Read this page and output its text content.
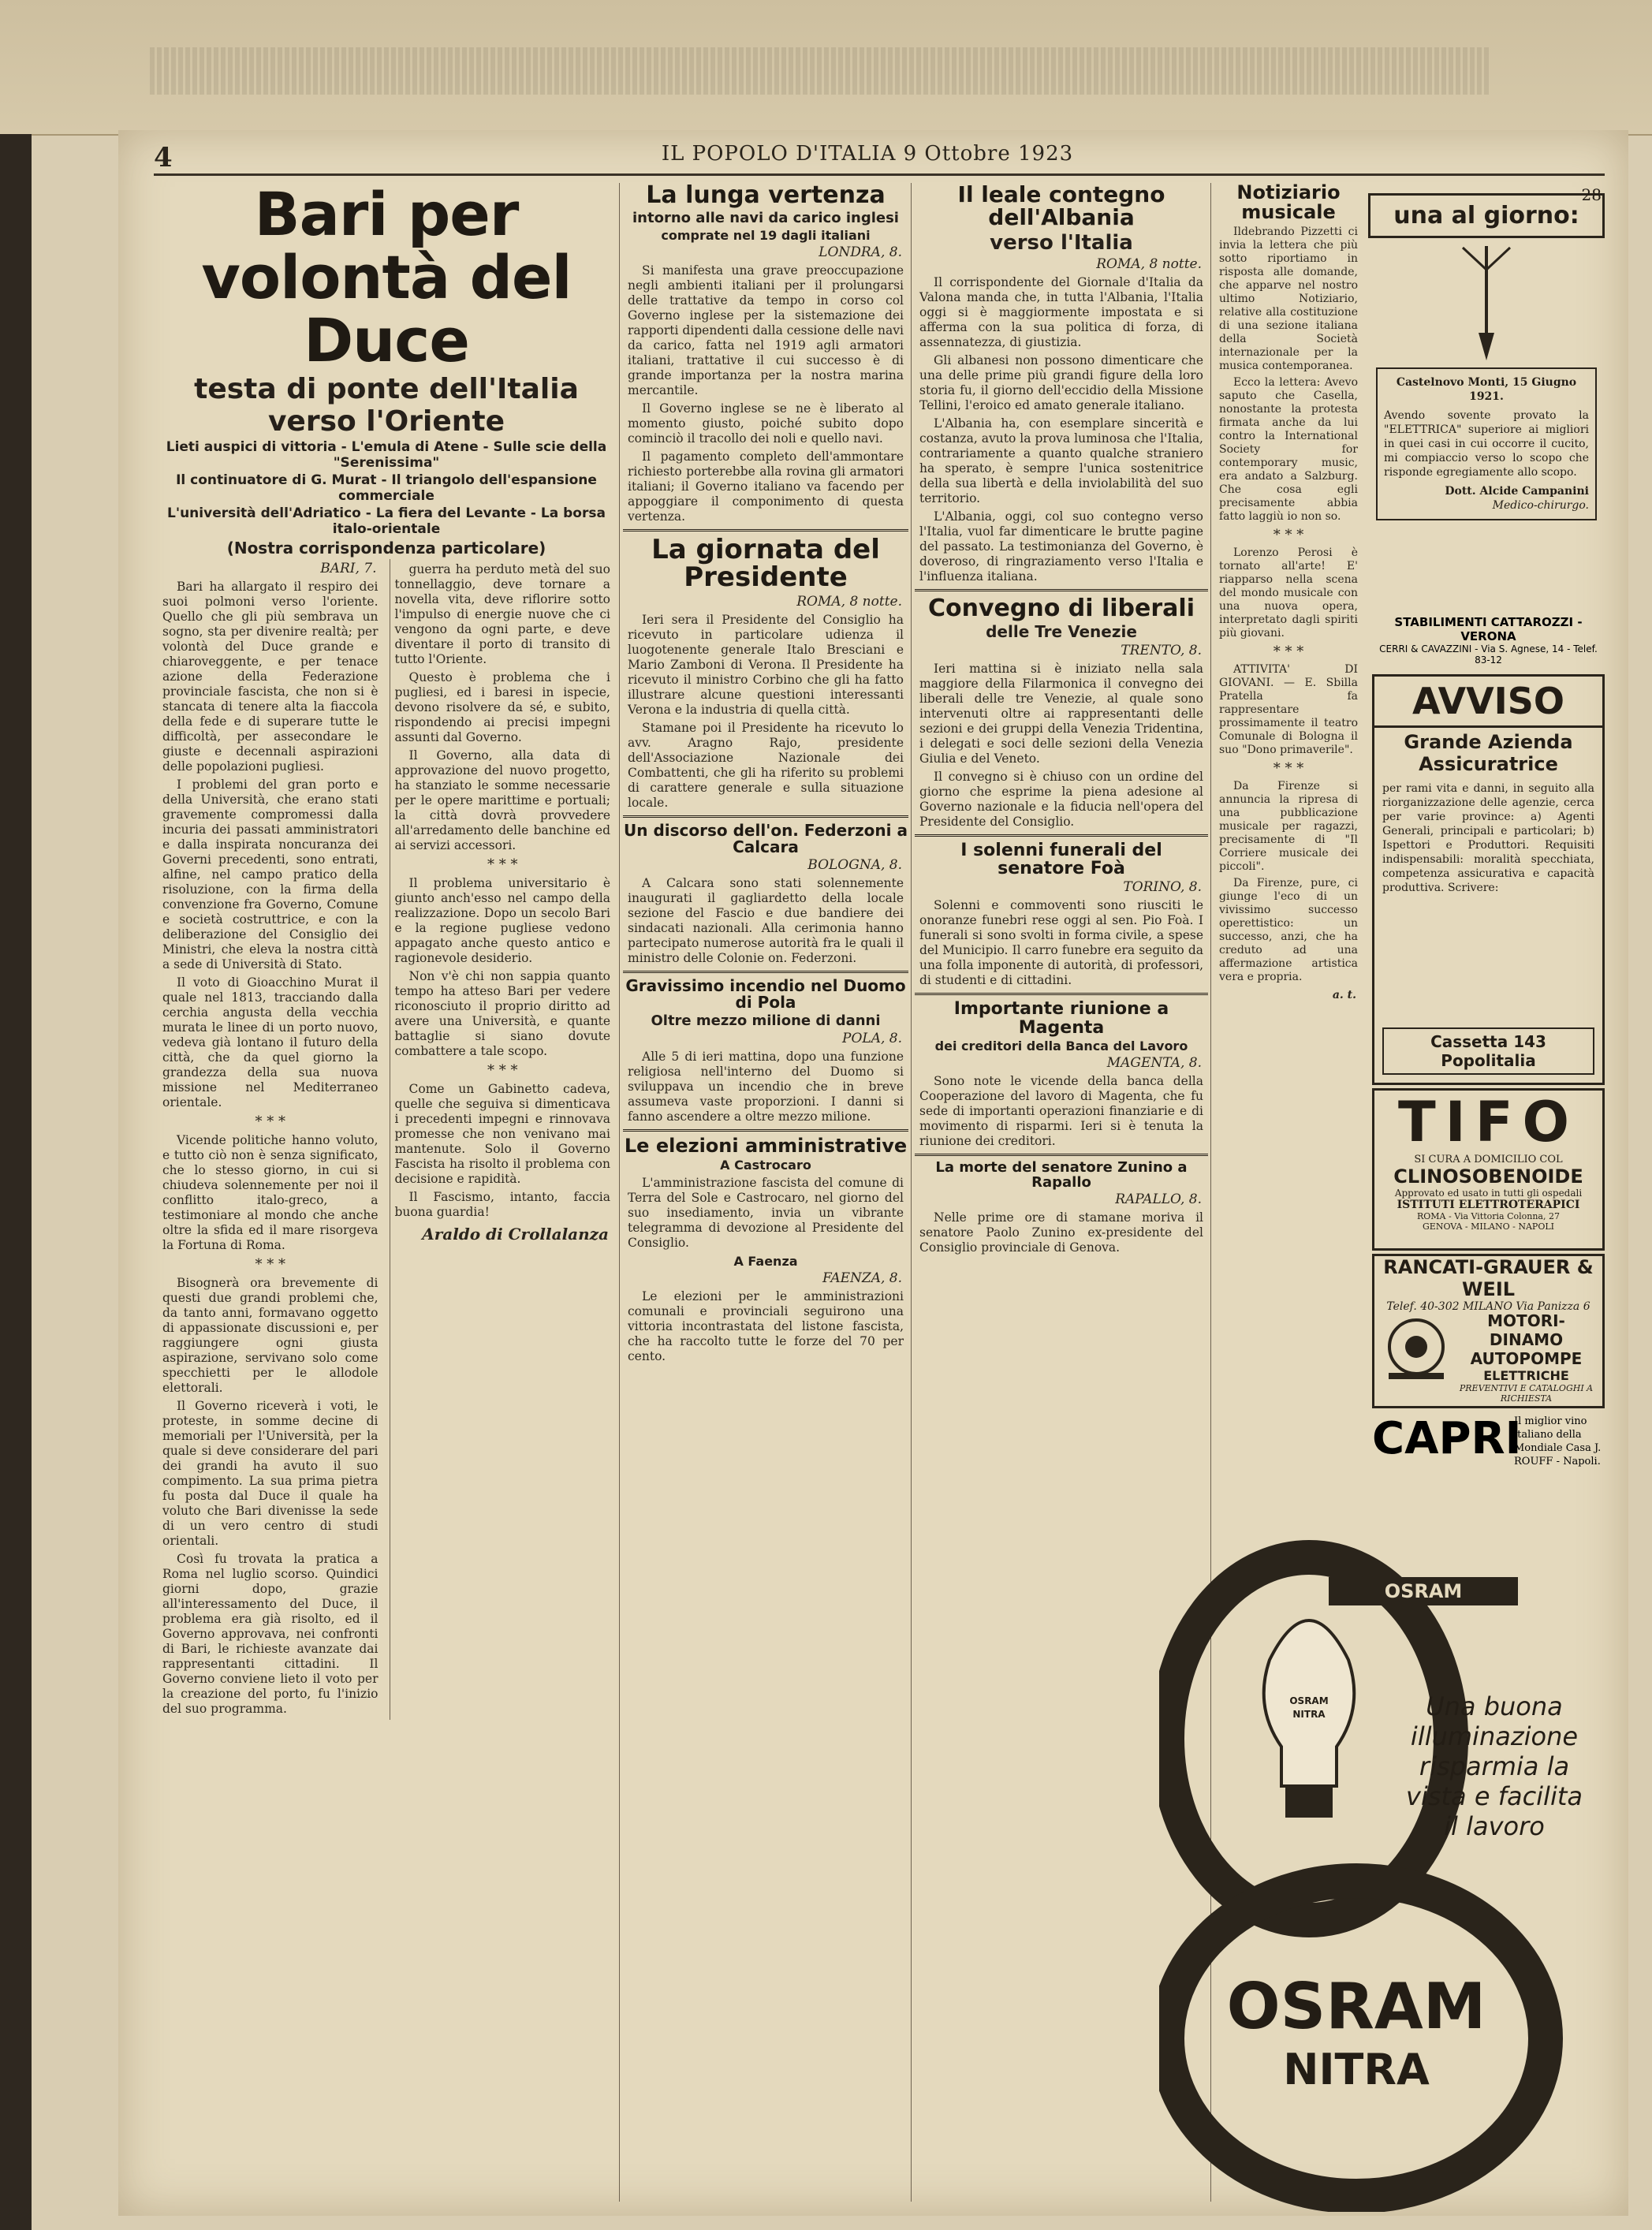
4	IL POPOLO D'ITALIA 9 Ottobre 1923
Bari per volontà del Duce
testa di ponte dell'Italia verso l'Oriente
Lieti auspici di vittoria - L'emula di Atene - Sulle scie della "Serenissima"
Il continuatore di G. Murat - Il triangolo dell'espansione commerciale
L'università dell'Adriatico - La fiera del Levante - La borsa italo-orientale
(Nostra corrispondenza particolare)
BARI, 7.

Bari ha allargato il respiro dei suoi polmoni verso l'oriente. Quello che gli più sembrava un sogno, sta per divenire realtà; per volontà del Duce grande e chiaroveggente, e per tenace azione della Federazione provinciale fascista, che non si è stancata di tenere alta la fiaccola della fede e di superare tutte le difficoltà, per assecondare le giuste e decennali aspirazioni delle popolazioni pugliesi.

I problemi del gran porto e della Università, che erano stati gravemente compromessi dalla incuria dei passati amministratori e dalla inspirata noncuranza dei Governi precedenti, sono entrati, alfine, nel campo pratico della risoluzione, con la firma della convenzione fra Governo, Comune e società costruttrice, e con la deliberazione del Consiglio dei Ministri, che eleva la nostra città a sede di Università di Stato.

Il voto di Gioacchino Murat il quale nel 1813, tracciando dalla cerchia angusta della vecchia murata le linee di un porto nuovo, vedeva già lontano il futuro della città, che da quel giorno la grandezza della sua nuova missione nel Mediterraneo orientale.

* * *

Vicende politiche hanno voluto, e tutto ciò non è senza significato, che lo stesso giorno, in cui si chiudeva solennemente per noi il conflitto italo-greco, a testimoniare al mondo che anche oltre la sfida ed il mare risorgeva la Fortuna di Roma.

* * *

Bisognerà ora brevemente di questi due grandi problemi che, da tanto anni, formavano oggetto di appassionate discussioni e, per raggiungere ogni giusta aspirazione, servivano solo come specchietti per le allodole elettorali.

Il Governo riceverà i voti, le proteste, in somme decine di memoriali per l'Università, per la quale si deve considerare del pari dei grandi ha avuto il suo compimento. La sua prima pietra fu posta dal Duce il quale ha voluto che Bari divenisse la sede di un vero centro di studi orientali.

Così fu trovata la pratica a Roma nel luglio scorso. Quindici giorni dopo, grazie all'interessamento del Duce, il problema era già risolto, ed il Governo approvava, nei confronti di Bari, le richieste avanzate dai rappresentanti cittadini. Il Governo conviene lieto il voto per la creazione del porto, fu l'inizio del suo programma.

guerra ha perduto metà del suo tonnellaggio, deve tornare a novella vita, deve riflorire sotto l'impulso di energie nuove che ci vengono da ogni parte, e deve diventare il porto di transito di tutto l'Oriente.

Questo è problema che i pugliesi, ed i baresi in ispecie, devono risolvere da sé, e subito, rispondendo ai precisi impegni assunti dal Governo.

Il Governo, alla data di approvazione del nuovo progetto, ha stanziato le somme necessarie per le opere marittime e portuali; la città dovrà provvedere all'arredamento delle banchine ed ai servizi accessori.

* * *

Il problema universitario è giunto anch'esso nel campo della realizzazione. Dopo un secolo Bari e la regione pugliese vedono appagato anche questo antico e ragionevole desiderio.

Non v'è chi non sappia quanto tempo ha atteso Bari per vedere riconosciuto il proprio diritto ad avere una Università, e quante battaglie si siano dovute combattere a tale scopo.

* * *

Come un Gabinetto cadeva, quelle che seguiva si dimenticava i precedenti impegni e rinnovava promesse che non venivano mai mantenute. Solo il Governo Fascista ha risolto il problema con decisione e rapidità.

Il Fascismo, intanto, faccia buona guardia!

Araldo di Crollalanza
La lunga vertenza
intorno alle navi da carico inglesi
comprate nel 19 dagli italiani
LONDRA, 8.

Si manifesta una grave preoccupazione negli ambienti italiani per il prolungarsi delle trattative da tempo in corso col Governo inglese per la sistemazione dei rapporti dipendenti dalla cessione delle navi da carico, fatta nel 1919 agli armatori italiani, trattative il cui successo è di grande importanza per la nostra marina mercantile.

Il Governo inglese se ne è liberato al momento giusto, poiché subito dopo cominciò il tracollo dei noli e quello navi.

Il pagamento completo dell'ammontare richiesto porterebbe alla rovina gli armatori italiani; il Governo italiano va facendo per appoggiare il componimento di questa vertenza.

La giornata del Presidente
ROMA, 8 notte.

Ieri sera il Presidente del Consiglio ha ricevuto in particolare udienza il luogotenente generale Italo Bresciani e Mario Zamboni di Verona. Il Presidente ha ricevuto il ministro Corbino che gli ha fatto illustrare alcune questioni interessanti Verona e la industria di quella città.

Stamane poi il Presidente ha ricevuto lo avv. Aragno Rajo, presidente dell'Associazione Nazionale dei Combattenti, che gli ha riferito su problemi di carattere generale e sulla situazione locale.

Un discorso dell'on. Federzoni a Calcara
BOLOGNA, 8.

A Calcara sono stati solennemente inaugurati il gagliardetto della locale sezione del Fascio e due bandiere dei sindacati nazionali. Alla cerimonia hanno partecipato numerose autorità fra le quali il ministro delle Colonie on. Federzoni.

Gravissimo incendio nel Duomo di Pola
Oltre mezzo milione di danni
POLA, 8.

Alle 5 di ieri mattina, dopo una funzione religiosa nell'interno del Duomo si sviluppava un incendio che in breve assumeva vaste proporzioni. I danni si fanno ascendere a oltre mezzo milione.

Le elezioni amministrative
A Castrocaro

L'amministrazione fascista del comune di Terra del Sole e Castrocaro, nel giorno del suo insediamento, invia un vibrante telegramma di devozione al Presidente del Consiglio.

A Faenza
FAENZA, 8.

Le elezioni per le amministrazioni comunali e provinciali seguirono una vittoria incontrastata del listone fascista, che ha raccolto tutte le forze del 70 per cento.

Il leale contegno dell'Albania
verso l'Italia
ROMA, 8 notte.

Il corrispondente del Giornale d'Italia da Valona manda che, in tutta l'Albania, l'Italia oggi si è maggiormente impostata e si afferma con la sua politica di forza, di assennatezza, di giustizia.

Gli albanesi non possono dimenticare che una delle prime più grandi figure della loro storia fu, il giorno dell'eccidio della Missione Tellini, l'eroico ed amato generale italiano.

L'Albania ha, con esemplare sincerità e costanza, avuto la prova luminosa che l'Italia, contrariamente a quanto qualche straniero ha sperato, è sempre l'unica sostenitrice della sua libertà e della inviolabilità del suo territorio.

L'Albania, oggi, col suo contegno verso l'Italia, vuol far dimenticare le brutte pagine del passato. La testimonianza del Governo, è doveroso, di ringraziamento verso l'Italia e l'influenza italiana.

Convegno di liberali
delle Tre Venezie
TRENTO, 8.

Ieri mattina si è iniziato nella sala maggiore della Filarmonica il convegno dei liberali delle tre Venezie, al quale sono intervenuti oltre ai rappresentanti delle sezioni e dei gruppi della Venezia Tridentina, i delegati e soci delle sezioni della Venezia Giulia e del Veneto.

Il convegno si è chiuso con un ordine del giorno che esprime la piena adesione al Governo nazionale e la fiducia nell'opera del Presidente del Consiglio.

I solenni funerali del senatore Foà
TORINO, 8.

Solenni e commoventi sono riusciti le onoranze funebri rese oggi al sen. Pio Foà. I funerali si sono svolti in forma civile, a spese del Municipio. Il carro funebre era seguito da una folla imponente di autorità, di professori, di studenti e di cittadini.

Importante riunione a Magenta
dei creditori della Banca del Lavoro
MAGENTA, 8.

Sono note le vicende della banca della Cooperazione del lavoro di Magenta, che fu sede di importanti operazioni finanziarie e di movimento di risparmi. Ieri si è tenuta la riunione dei creditori.

La morte del senatore Zunino a Rapallo
RAPALLO, 8.

Nelle prime ore di stamane moriva il senatore Paolo Zunino ex-presidente del Consiglio provinciale di Genova.

Notiziario musicale

Ildebrando Pizzetti ci invia la lettera che più sotto riportiamo in risposta alle domande, che apparve nel nostro ultimo Notiziario, relative alla costituzione di una sezione italiana della Società internazionale per la musica contemporanea.

Ecco la lettera: Avevo saputo che Casella, nonostante la protesta firmata anche da lui contro la International Society for contemporary music, era andato a Salzburg. Che cosa egli precisamente abbia fatto laggiù io non so.

* * *

Lorenzo Perosi è tornato all'arte! E' riapparso nella scena del mondo musicale con una nuova opera, interpretato dagli spiriti più giovani.

* * *

ATTIVITA' DI GIOVANI. — E. Sbilla Pratella fa rappresentare prossimamente il teatro Comunale di Bologna il suo "Dono primaverile".

* * *

Da Firenze si annuncia la ripresa di una pubblicazione musicale per ragazzi, precisamente di "Il Corriere musicale dei piccoli".

Da Firenze, pure, ci giunge l'eco di un vivissimo successo operettistico: un successo, anzi, che ha creduto ad una affermazione artistica vera e propria.

a. t.
28
una al giorno:
Castelnovo Monti, 15 Giugno 1921.

Avendo sovente provato la "ELETTRICA" superiore ai migliori in quei casi in cui occorre il cucito, mi compiaccio verso lo scopo che risponde egregiamente allo scopo.

Dott. Alcide Campanini
Medico-chirurgo.
STABILIMENTI CATTAROZZI - VERONA
CERRI & CAVAZZINI - Via S. Agnese, 14 - Telef. 83-12
AVVISO
Grande Azienda Assicuratrice

per rami vita e danni, in seguito alla riorganizzazione delle agenzie, cerca per varie province: a) Agenti Generali, principali e particolari; b) Ispettori e Produttori. Requisiti indispensabili: moralità specchiata, competenza assicurativa e capacità produttiva. Scrivere:

Cassetta 143 Popolitalia
TIFO
SI CURA A DOMICILIO COL
CLINOSOBENOIDE
Approvato ed usato in tutti gli ospedali
ISTITUTI ELETTROTERAPICI
ROMA - Via Vittoria Colonna, 27
GENOVA - MILANO - NAPOLI
RANCATI-GRAUER & WEIL
Telef. 40-302 MILANO Via Panizza 6
MOTORI-DINAMO
AUTOPOMPE
ELETTRICHE
PREVENTIVI E CATALOGHI A RICHIESTA
CAPRI
Il miglior vino italiano della Mondiale Casa J. ROUFF - Napoli.
OSRAM
OSRAM
NITRA	Una buona illuminazione risparmia la vista e facilita il lavoro
OSRAM
NITRA
